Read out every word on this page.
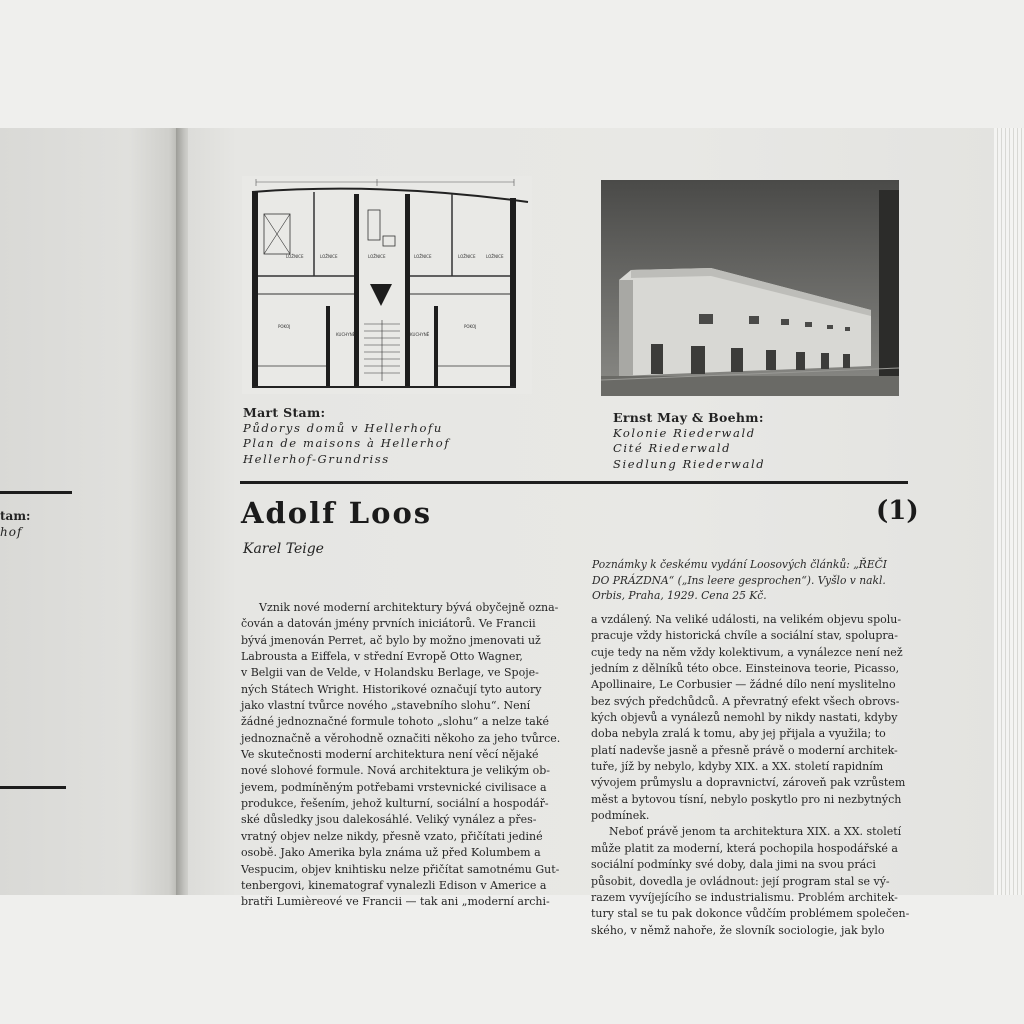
tam:
hof
LOŽNICE	LOŽNICE	LOŽNICE	LOŽNICE	LOŽNICE	LOŽNICE
POKOJ
KUCHYNĚ	KUCHYNĚ
POKOJ
Mart Stam:
Půdorys domů v Hellerhofu
Plan de maisons à Hellerhof
Hellerhof-Grundriss
Ernst May & Boehm:
Kolonie Riederwald
Cité Riederwald
Siedlung Riederwald
Adolf Loos	(1)
Karel Teige
Poznámky k českému vydání Loosových článků: „ŘEČI
DO PRÁZDNA“ („Ins leere gesprochen“). Vyšlo v nakl.
Orbis, Praha, 1929. Cena 25 Kč.
Vznik nové moderní architektury bývá obyčejně ozna-
čován a datován jmény prvních iniciátorů. Ve Francii
bývá jmenován Perret, ač bylo by možno jmenovati už
Labrousta a Eiffela, v střední Evropě Otto Wagner,
v Belgii van de Velde, v Holandsku Berlage, ve Spoje-
ných Státech Wright. Historikové označují tyto autory
jako vlastní tvůrce nového „stavebního slohu“. Není
žádné jednoznačné formule tohoto „slohu“ a nelze také
jednoznačně a věrohodně označiti někoho za jeho tvůrce.
Ve skutečnosti moderní architektura není věcí nějaké
nové slohové formule. Nová architektura je velikým ob-
jevem, podmíněným potřebami vrstevnické civilisace a
produkce, řešením, jehož kulturní, sociální a hospodář-
ské důsledky jsou dalekosáhlé. Veliký vynález a přes-
vratný objev nelze nikdy, přesně vzato, přičítati jediné
osobě. Jako Amerika byla známa už před Kolumbem a
Vespucim, objev knihtisku nelze přičítat samotnému Gut-
tenbergovi, kinematograf vynalezli Edison v Americe a
bratři Lumièreové ve Francii — tak ani „moderní archi-
a vzdálený. Na veliké události, na velikém objevu spolu-
pracuje vždy historická chvíle a sociální stav, spolupra-
cuje tedy na něm vždy kolektivum, a vynálezce není než
jedním z dělníků této obce. Einsteinova teorie, Picasso,
Apollinaire, Le Corbusier — žádné dílo není myslitelno
bez svých předchůdců. A převratný efekt všech obrovs-
kých objevů a vynálezů nemohl by nikdy nastati, kdyby
doba nebyla zralá k tomu, aby jej přijala a využila; to
platí nadevše jasně a přesně právě o moderní architek-
tuře, jíž by nebylo, kdyby XIX. a XX. století rapidním
vývojem průmyslu a dopravnictví, zároveň pak vzrůstem
měst a bytovou tísní, nebylo poskytlo pro ni nezbytných
podmínek.
Neboť právě jenom ta architektura XIX. a XX. století
může platit za moderní, která pochopila hospodářské a
sociální podmínky své doby, dala jimi na svou práci
působit, dovedla je ovládnout: její program stal se vý-
razem vyvíjejícího se industrialismu. Problém architek-
tury stal se tu pak dokonce vůdčím problémem společen-
ského, v němž nahoře, že slovník sociologie, jak bylo
